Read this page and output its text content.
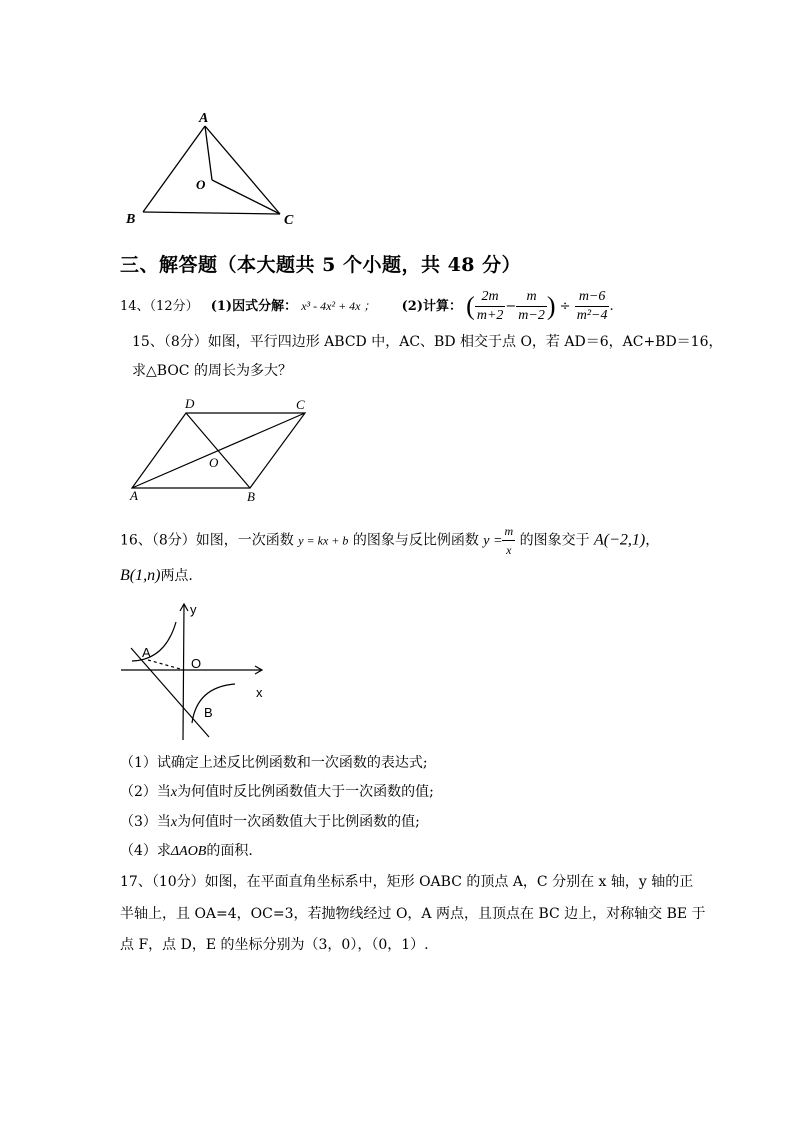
A
B	C
O
三、解答题（本大题共 5 个小题，共 48 分）
14、（12分） (1)因式分解： x³ - 4x² + 4x ； (2)计算： ( $\frac{2m}{m+2} - \frac{m}{m-2}$ ) ÷ $\frac{m-6}{\text{m²−4}}$ .
15、（8分）如图，平行四边形 ABCD 中，AC、BD 相交于点 O，若 AD＝6，AC+BD＝16，
求△BOC 的周长为多大？
D	C
O
A	B
16、（8分）如图，一次函数 y = kx + b 的图象与反比例函数 $y = \frac{m}{x}$ 的图象交于 A(−2,1)，
B(1,n)两点.
y
x
O
A
B
（1）试确定上述反比例函数和一次函数的表达式;
（2）当x为何值时反比例函数值大于一次函数的值;
（3）当x为何值时一次函数值大于比例函数的值;
（4）求ΔAOB的面积.
17、（10分）如图，在平面直角坐标系中，矩形 OABC 的顶点 A，C 分别在 x 轴，y 轴的正
半轴上，且 OA=4，OC=3，若抛物线经过 O，A 两点，且顶点在 BC 边上，对称轴交 BE 于
点 F，点 D，E 的坐标分别为（3，0），（0，1）.
